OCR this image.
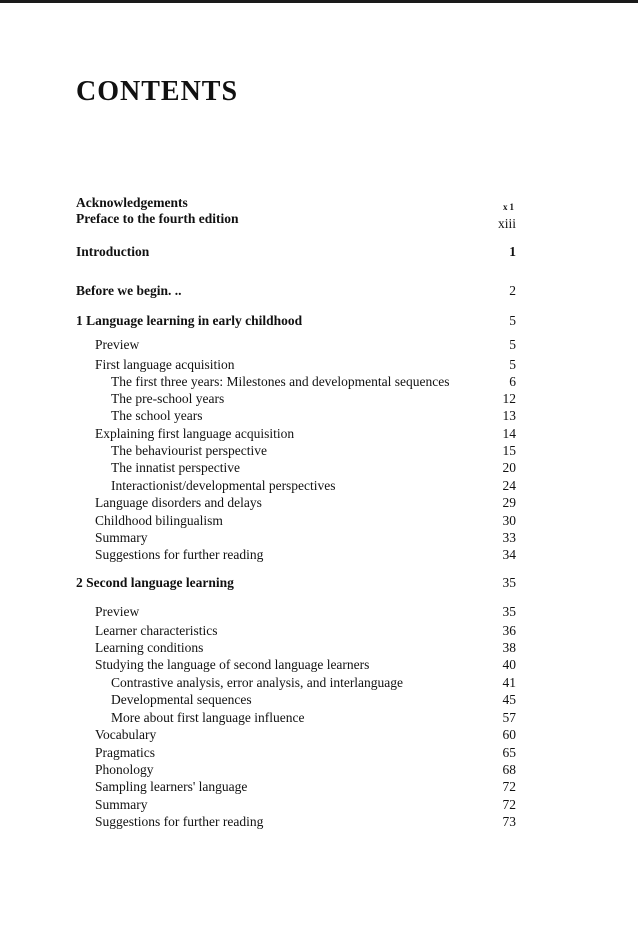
CONTENTS
Acknowledgements	x1
Preface to the fourth edition	xiii
Introduction	1
Before we begin. ..	2
1 Language learning in early childhood	5
Preview	5
First language acquisition	5
The first three years: Milestones and developmental sequences	6
The pre-school years	12
The school years	13
Explaining first language acquisition	14
The behaviourist perspective	15
The innatist perspective	20
Interactionist/developmental perspectives	24
Language disorders and delays	29
Childhood bilingualism	30
Summary	33
Suggestions for further reading	34
2 Second language learning	35
Preview	35
Learner characteristics	36
Learning conditions	38
Studying the language of second language learners	40
Contrastive analysis, error analysis, and interlanguage	41
Developmental sequences	45
More about first language influence	57
Vocabulary	60
Pragmatics	65
Phonology	68
Sampling learners' language	72
Summary	72
Suggestions for further reading	73
